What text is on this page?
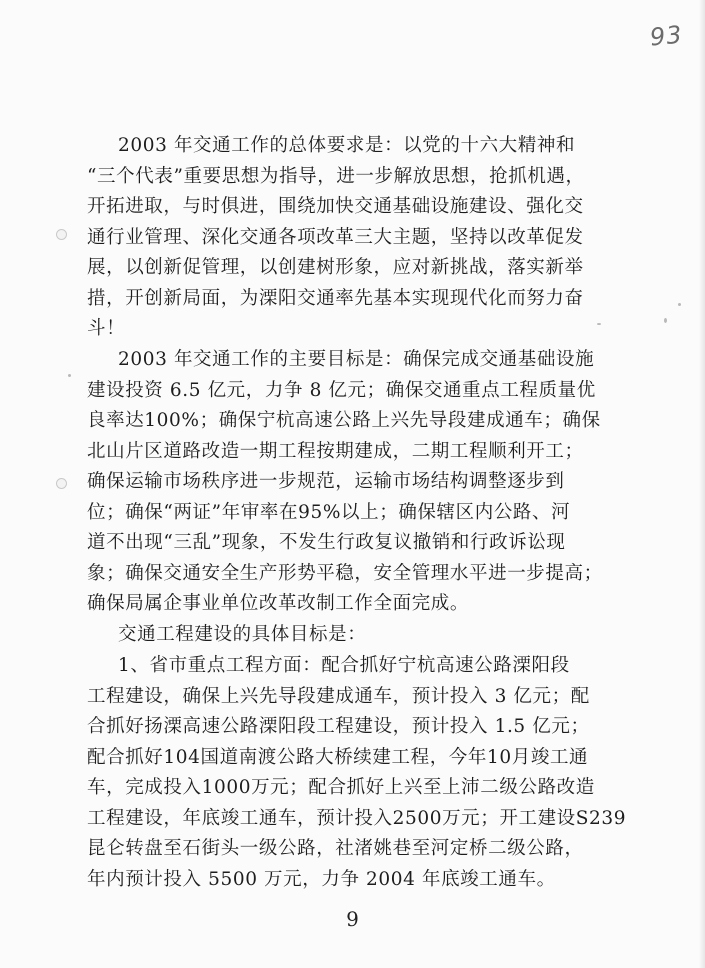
93
2003 年交通工作的总体要求是：以党的十六大精神和
“三个代表”重要思想为指导，进一步解放思想，抢抓机遇，
开拓进取，与时俱进，围绕加快交通基础设施建设、强化交
通行业管理、深化交通各项改革三大主题，坚持以改革促发
展，以创新促管理，以创建树形象，应对新挑战，落实新举
措，开创新局面，为溧阳交通率先基本实现现代化而努力奋
斗！
2003 年交通工作的主要目标是：确保完成交通基础设施
建设投资 6.5 亿元，力争 8 亿元；确保交通重点工程质量优
良率达100%；确保宁杭高速公路上兴先导段建成通车；确保
北山片区道路改造一期工程按期建成，二期工程顺利开工；
确保运输市场秩序进一步规范，运输市场结构调整逐步到
位；确保“两证”年审率在95%以上；确保辖区内公路、河
道不出现“三乱”现象，不发生行政复议撤销和行政诉讼现
象；确保交通安全生产形势平稳，安全管理水平进一步提高；
确保局属企事业单位改革改制工作全面完成。
交通工程建设的具体目标是：
1、省市重点工程方面：配合抓好宁杭高速公路溧阳段
工程建设，确保上兴先导段建成通车，预计投入 3 亿元；配
合抓好扬溧高速公路溧阳段工程建设，预计投入 1.5 亿元；
配合抓好104国道南渡公路大桥续建工程，今年10月竣工通
车，完成投入1000万元；配合抓好上兴至上沛二级公路改造
工程建设，年底竣工通车，预计投入2500万元；开工建设S239
昆仑转盘至石街头一级公路，社渚姚巷至河定桥二级公路，
年内预计投入 5500 万元，力争 2004 年底竣工通车。
9
